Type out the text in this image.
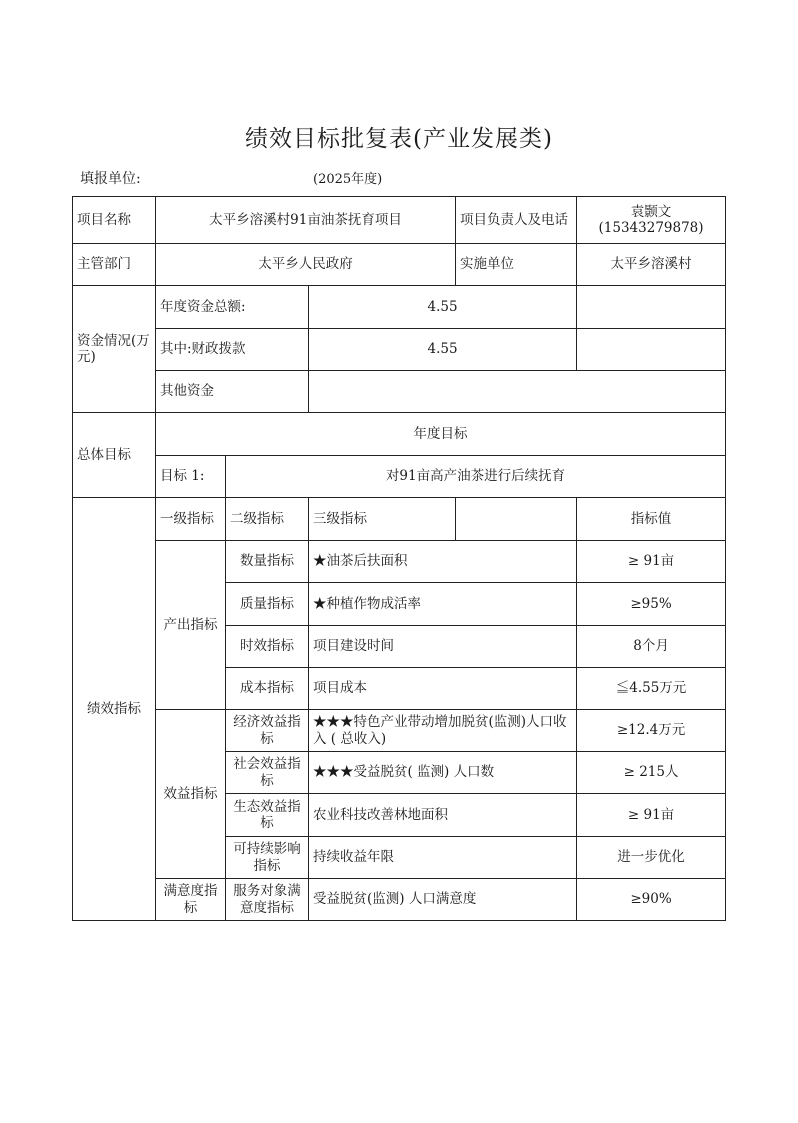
绩效目标批复表(产业发展类)
填报单位:	(2025年度)
项目名称	太平乡溶溪村91亩油茶抚育项目			项目负责人及电话	袁颢文
(15343279878)

主管部门	太平乡人民政府			实施单位	太平乡溶溪村
资金情况(万元)	年度资金总额:		4.55		
	其中:财政拨款		4.55		
	其他资金				
总体目标	年度目标				
	目标 1:	对91亩高产油茶进行后续抚育			
绩效指标	一级指标	二级指标	三级指标		指标值
	产出指标	数量指标	★油茶后扶面积		≥ 91亩
		质量指标	★种植作物成活率		≥95%
		时效指标	项目建设时间		8个月
		成本指标	项目成本		≦4.55万元
	效益指标	经济效益指标	★★★特色产业带动增加脱贫(监测)人口收入 ( 总收入)		≥12.4万元
		社会效益指标	★★★受益脱贫( 监测) 人口数		≥ 215人
		生态效益指标	农业科技改善林地面积		≥ 91亩
		可持续影响指标	持续收益年限		进一步优化
	满意度指标	服务对象满意度指标	受益脱贫(监测) 人口满意度		≥90%
